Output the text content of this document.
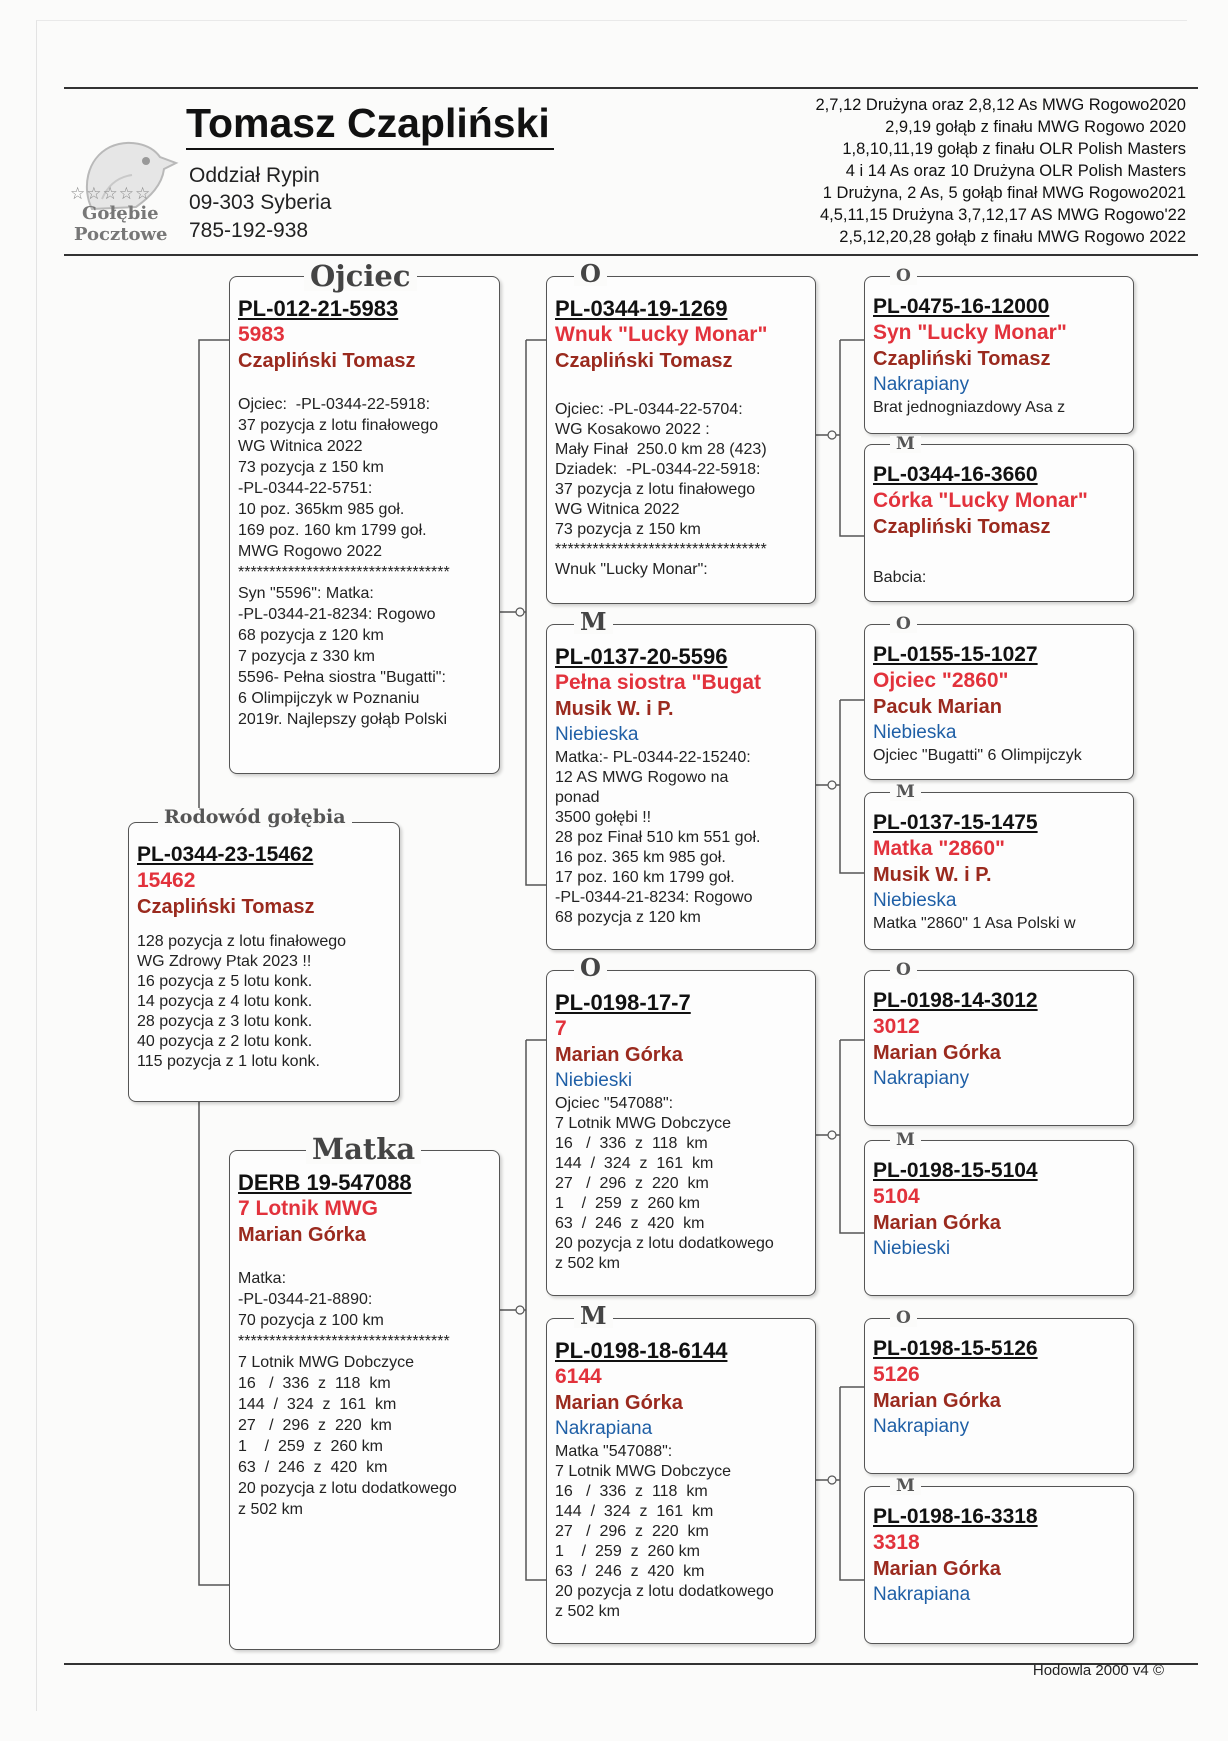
☆☆☆☆☆
Gołębie
Pocztowe
Tomasz Czapliński
Oddział Rypin
09-303 Syberia
785-192-938
2,7,12 Drużyna oraz 2,8,12 As MWG Rogowo2020
2,9,19 gołąb z finału MWG Rogowo 2020
1,8,10,11,19 gołąb z finału OLR Polish Masters
4 i 14 As oraz 10 Drużyna OLR Polish Masters
1 Drużyna, 2 As, 5 gołąb finał MWG Rogowo2021
4,5,11,15 Drużyna 3,7,12,17 AS MWG Rogowo'22
2,5,12,20,28 gołąb z finału MWG Rogowo 2022
PL-0344-23-15462
15462
Czapliński Tomasz
128 pozycja z lotu finałowego
WG Zdrowy Ptak 2023 !!
16 pozycja z 5 lotu konk.
14 pozycja z 4 lotu konk.
28 pozycja z 3 lotu konk.
40 pozycja z 2 lotu konk.
115 pozycja z 1 lotu konk.
Rodowód gołębia
PL-012-21-5983
5983
Czapliński Tomasz
Ojciec:  -PL-0344-22-5918:
37 pozycja z lotu finałowego
WG Witnica 2022
73 pozycja z 150 km
-PL-0344-22-5751:
10 poz. 365km 985 goł.
169 poz. 160 km 1799 goł.
MWG Rogowo 2022
**********************************
Syn "5596": Matka:
-PL-0344-21-8234: Rogowo
68 pozycja z 120 km
7 pozycja z 330 km
5596- Pełna siostra "Bugatti":
6 Olimpijczyk w Poznaniu
2019r. Najlepszy gołąb Polski
Ojciec
DERB 19-547088
7 Lotnik MWG
Marian Górka
Matka:
-PL-0344-21-8890:
70 pozycja z 100 km
**********************************
7 Lotnik MWG Dobczyce
16   /  336  z  118  km
144  /  324  z  161  km
27   /  296  z  220  km
1    /  259  z  260 km
63  /  246  z  420  km
20 pozycja z lotu dodatkowego
z 502 km
Matka
PL-0344-19-1269
Wnuk "Lucky Monar"
Czapliński Tomasz
Ojciec: -PL-0344-22-5704:
WG Kosakowo 2022 :
Mały Finał  250.0 km 28 (423)
Dziadek:  -PL-0344-22-5918:
37 pozycja z lotu finałowego
WG Witnica 2022
73 pozycja z 150 km
**********************************
Wnuk "Lucky Monar":
O
PL-0137-20-5596
Pełna siostra "Bugat
Musik W. i P.
Niebieska
Matka:- PL-0344-22-15240:
12 AS MWG Rogowo na
ponad
3500 gołębi !!
28 poz Finał 510 km 551 goł.
16 poz. 365 km 985 goł.
17 poz. 160 km 1799 goł.
-PL-0344-21-8234: Rogowo
68 pozycja z 120 km
M
PL-0198-17-7
7
Marian Górka
Niebieski
Ojciec "547088":
7 Lotnik MWG Dobczyce
16   /  336  z  118  km
144  /  324  z  161  km
27   /  296  z  220  km
1    /  259  z  260 km
63  /  246  z  420  km
20 pozycja z lotu dodatkowego
z 502 km
O
PL-0198-18-6144
6144
Marian Górka
Nakrapiana
Matka "547088":
7 Lotnik MWG Dobczyce
16   /  336  z  118  km
144  /  324  z  161  km
27   /  296  z  220  km
1    /  259  z  260 km
63  /  246  z  420  km
20 pozycja z lotu dodatkowego
z 502 km
M
PL-0475-16-12000
Syn "Lucky Monar"
Czapliński Tomasz
Nakrapiany
Brat jednogniazdowy Asa z
O
PL-0344-16-3660
Córka "Lucky Monar"
Czapliński Tomasz
Babcia:
M
PL-0155-15-1027
Ojciec "2860"
Pacuk Marian
Niebieska
Ojciec "Bugatti" 6 Olimpijczyk
O
PL-0137-15-1475
Matka "2860"
Musik W. i P.
Niebieska
Matka "2860" 1 Asa Polski w
M
PL-0198-14-3012
3012
Marian Górka
Nakrapiany
O
PL-0198-15-5104
5104
Marian Górka
Niebieski
M
PL-0198-15-5126
5126
Marian Górka
Nakrapiany
O
PL-0198-16-3318
3318
Marian Górka
Nakrapiana
M
Hodowla 2000 v4 ©
